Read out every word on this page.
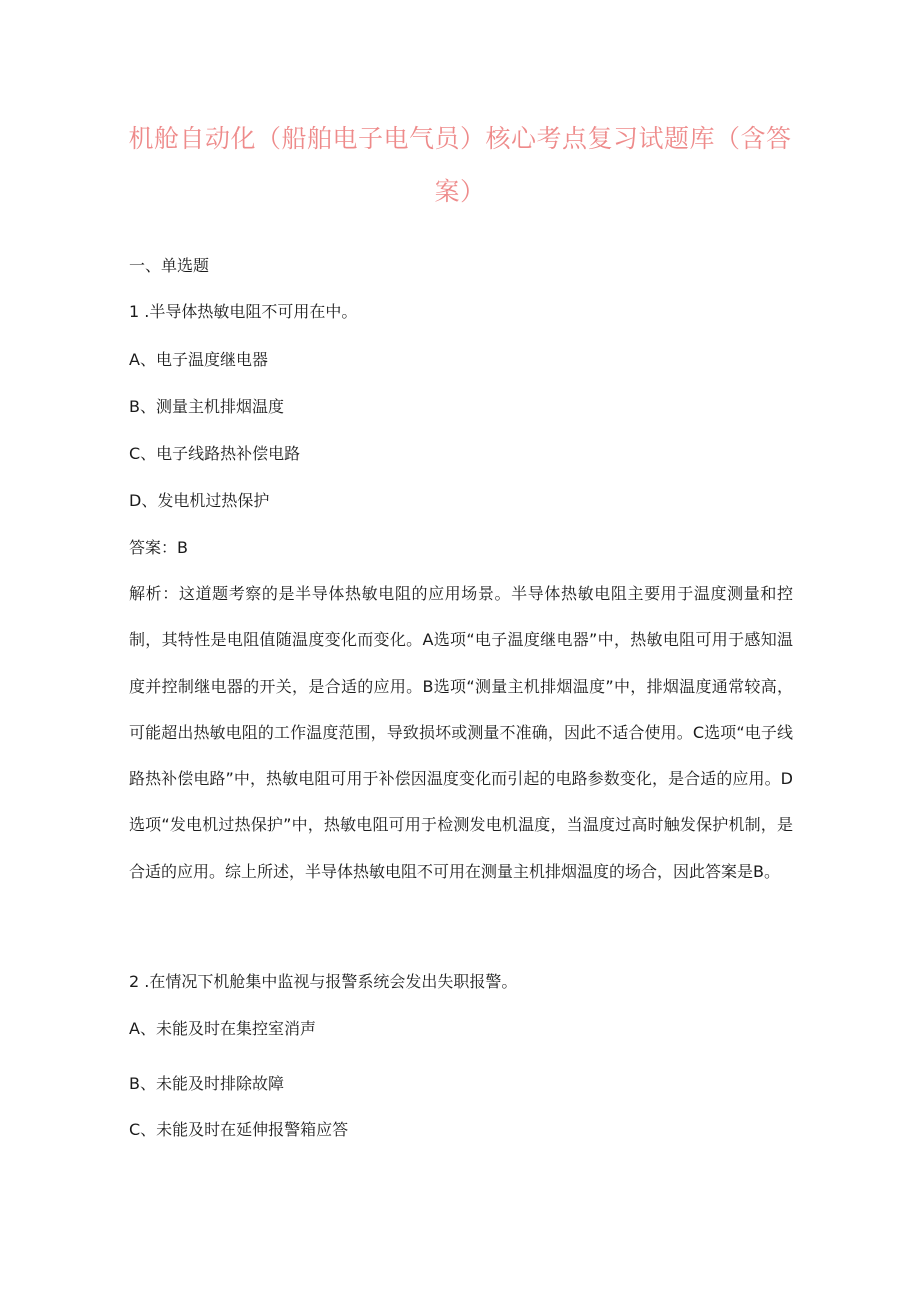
机舱自动化（船舶电子电气员）核心考点复习试题库（含答案）

一、单选题

1 .半导体热敏电阻不可用在中。

A、电子温度继电器

B、测量主机排烟温度

C、电子线路热补偿电路

D、发电机过热保护

答案：B

解析：这道题考察的是半导体热敏电阻的应用场景。半导体热敏电阻主要用于温度测量和控制，其特性是电阻值随温度变化而变化。A选项“电子温度继电器”中，热敏电阻可用于感知温度并控制继电器的开关，是合适的应用。B选项“测量主机排烟温度”中，排烟温度通常较高，可能超出热敏电阻的工作温度范围，导致损坏或测量不准确，因此不适合使用。C选项“电子线路热补偿电路”中，热敏电阻可用于补偿因温度变化而引起的电路参数变化，是合适的应用。D选项“发电机过热保护”中，热敏电阻可用于检测发电机温度，当温度过高时触发保护机制，是合适的应用。综上所述，半导体热敏电阻不可用在测量主机排烟温度的场合，因此答案是B。

2 .在情况下机舱集中监视与报警系统会发出失职报警。

A、未能及时在集控室消声

B、未能及时排除故障

C、未能及时在延伸报警箱应答
